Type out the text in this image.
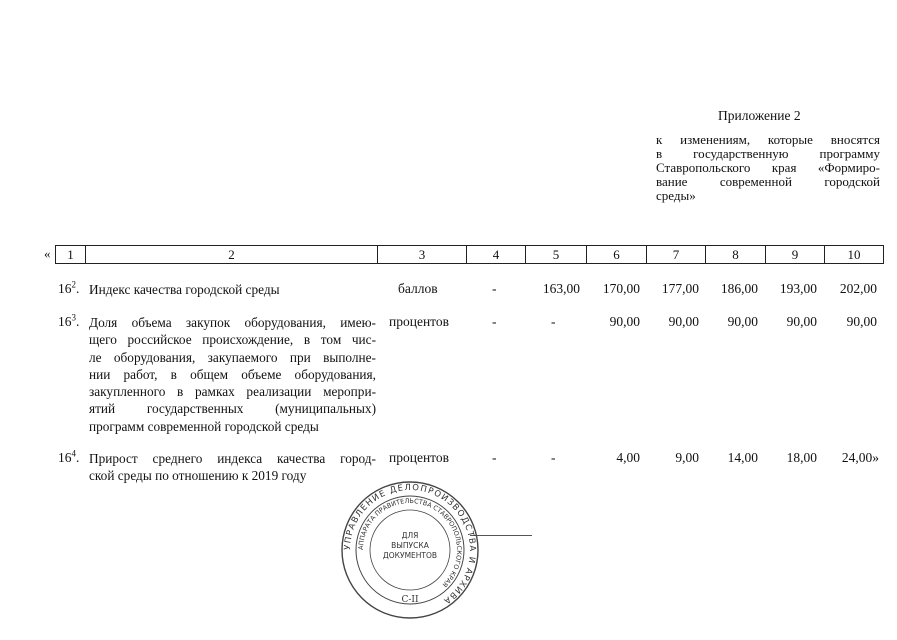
Приложение 2
к изменениям, которые вносятся
в государственную программу
Ставропольского края «Формиро-
вание современной городской
среды»
« 1	2	3	4	5	6	7	8	9	10
$16^2$. Индекс качества городской среды	баллов	-	163,00	170,00	177,00	186,00	193,00	202,00
$16^3$. Доля объема закупок оборудования, имею-
щего российское происхождение, в том чис-
ле оборудования, закупаемого при выполне-
нии работ, в общем объеме оборудования,
закупленного в рамках реализации меропри-
ятий государственных (муниципальных)
программ современной городской среды
процентов	-	-	90,00	90,00	90,00	90,00	90,00
$16^4$. Прирост среднего индекса качества город-
ской среды по отношению к 2019 году
процентов	-	-	4,00	9,00	14,00	18,00	24,00»
УПРАВЛЕНИЕ ДЕЛОПРОИЗВОДСТВА И АРХИВА
АППАРАТА ПРАВИТЕЛЬСТВА СТАВРОПОЛЬСКОГО КРАЯ
ДЛЯ
ВЫПУСКА
ДОКУМЕНТОВ
С-II
